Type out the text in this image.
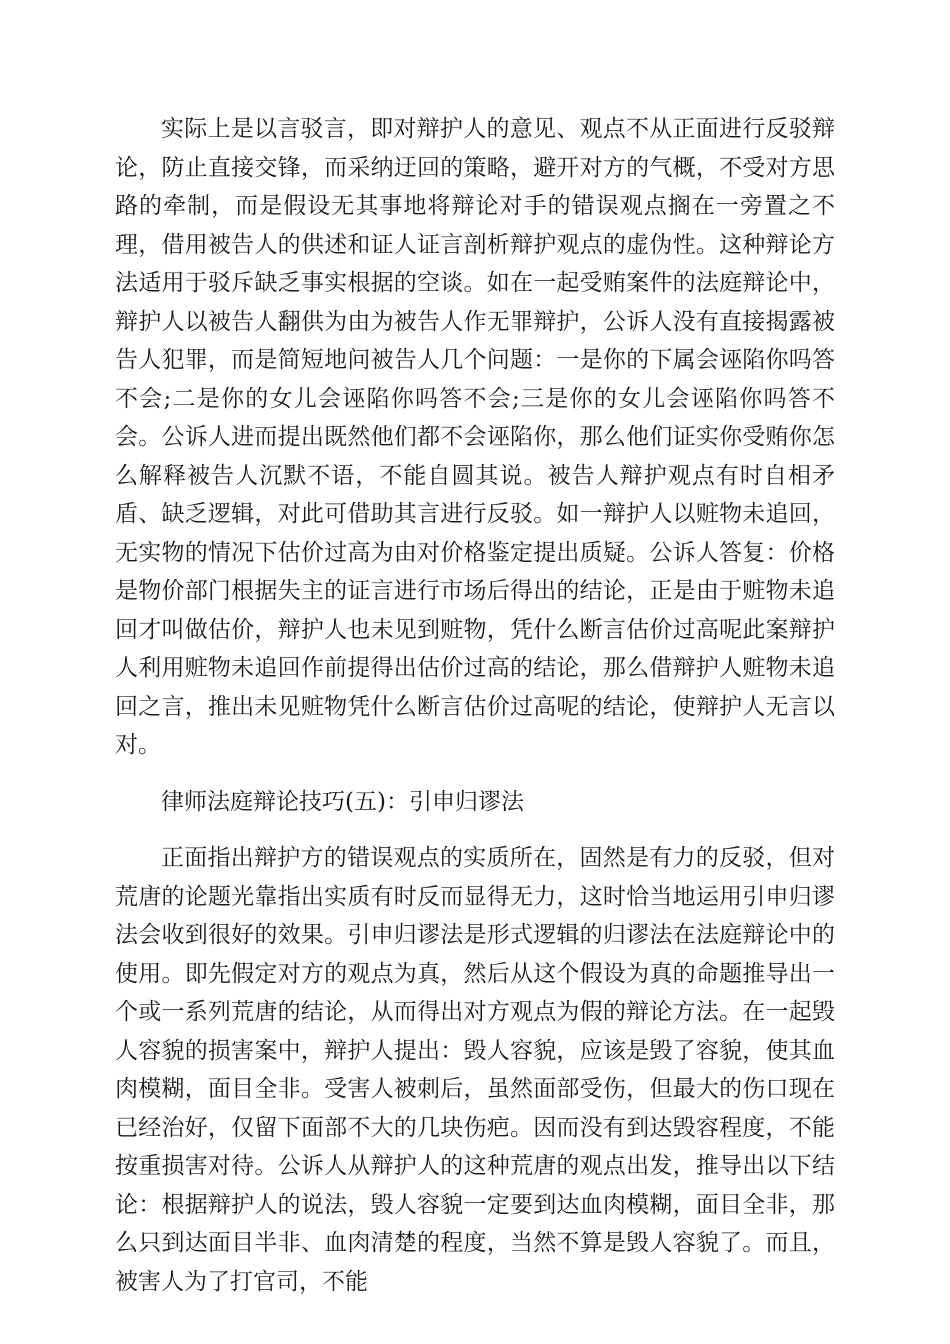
实际上是以言驳言，即对辩护人的意见、观点不从正面进行反驳辩论，防止直接交锋，而采纳迂回的策略，避开对方的气概，不受对方思路的牵制，而是假设无其事地将辩论对手的错误观点搁在一旁置之不理，借用被告人的供述和证人证言剖析辩护观点的虚伪性。这种辩论方法适用于驳斥缺乏事实根据的空谈。如在一起受贿案件的法庭辩论中，辩护人以被告人翻供为由为被告人作无罪辩护，公诉人没有直接揭露被告人犯罪，而是简短地问被告人几个问题：一是你的下属会诬陷你吗答不会;二是你的女儿会诬陷你吗答不会;三是你的女儿会诬陷你吗答不会。公诉人进而提出既然他们都不会诬陷你，那么他们证实你受贿你怎么解释被告人沉默不语，不能自圆其说。被告人辩护观点有时自相矛盾、缺乏逻辑，对此可借助其言进行反驳。如一辩护人以赃物未追回，无实物的情况下估价过高为由对价格鉴定提出质疑。公诉人答复：价格是物价部门根据失主的证言进行市场后得出的结论，正是由于赃物未追回才叫做估价，辩护人也未见到赃物，凭什么断言估价过高呢此案辩护人利用赃物未追回作前提得出估价过高的结论，那么借辩护人赃物未追回之言，推出未见赃物凭什么断言估价过高呢的结论，使辩护人无言以对。

律师法庭辩论技巧(五)：引申归谬法

正面指出辩护方的错误观点的实质所在，固然是有力的反驳，但对荒唐的论题光靠指出实质有时反而显得无力，这时恰当地运用引申归谬法会收到很好的效果。引申归谬法是形式逻辑的归谬法在法庭辩论中的使用。即先假定对方的观点为真，然后从这个假设为真的命题推导出一个或一系列荒唐的结论，从而得出对方观点为假的辩论方法。在一起毁人容貌的损害案中，辩护人提出：毁人容貌，应该是毁了容貌，使其血肉模糊，面目全非。受害人被刺后，虽然面部受伤，但最大的伤口现在已经治好，仅留下面部不大的几块伤疤。因而没有到达毁容程度，不能按重损害对待。公诉人从辩护人的这种荒唐的观点出发，推导出以下结论：根据辩护人的说法，毁人容貌一定要到达血肉模糊，面目全非，那么只到达面目半非、血肉清楚的程度，当然不算是毁人容貌了。而且，被害人为了打官司，不能
